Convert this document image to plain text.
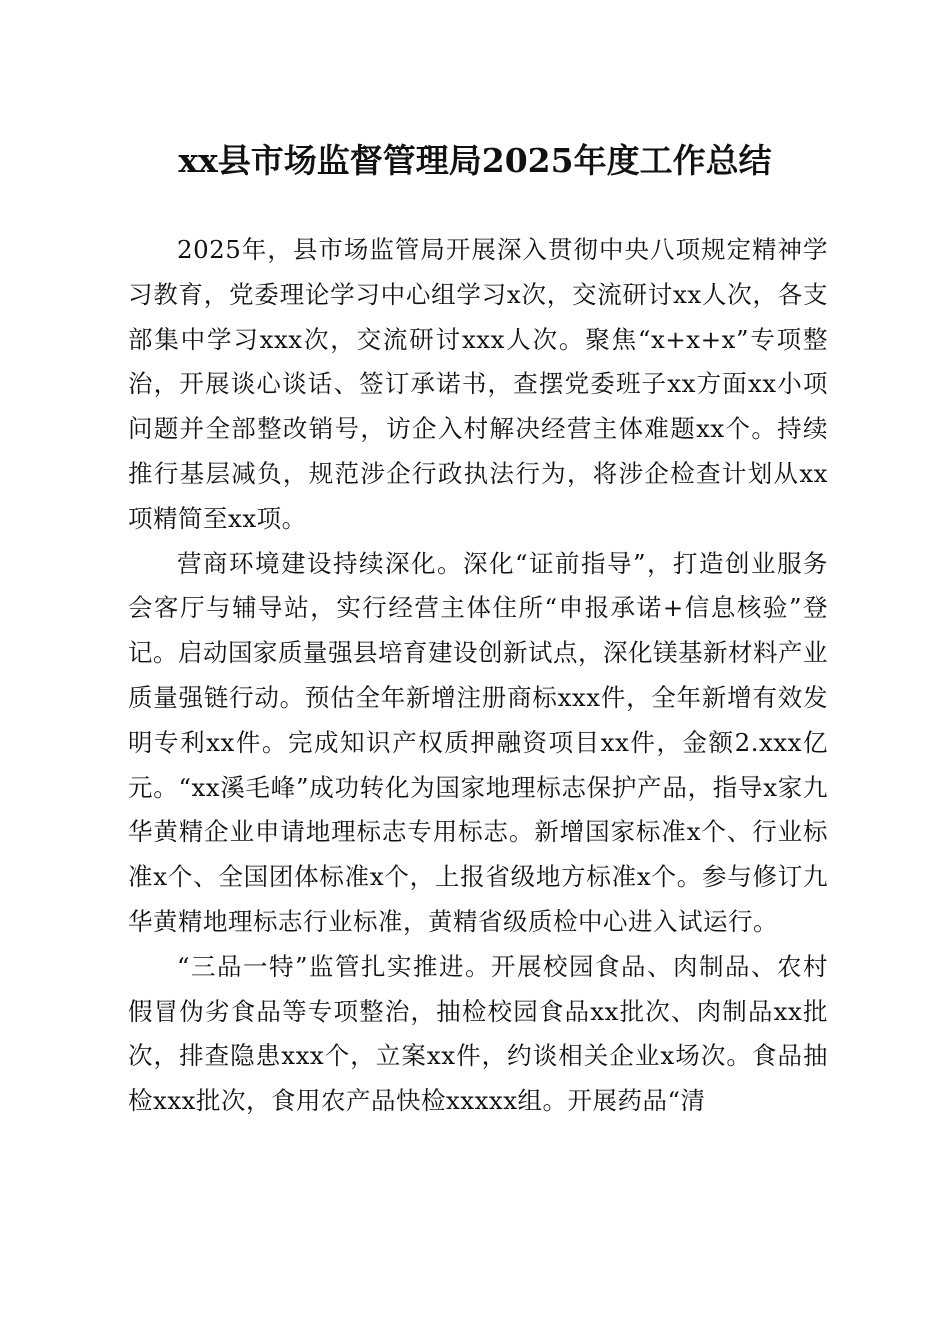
xx县市场监督管理局2025年度工作总结

2025年，县市场监管局开展深入贯彻中央八项规定精神学习教育，党委理论学习中心组学习x次，交流研讨xx人次，各支部集中学习xxx次，交流研讨xxx人次。聚焦“x+x+x”专项整治，开展谈心谈话、签订承诺书，查摆党委班子xx方面xx小项问题并全部整改销号，访企入村解决经营主体难题xx个。持续推行基层减负，规范涉企行政执法行为，将涉企检查计划从xx项精简至xx项。

营商环境建设持续深化。深化“证前指导”，打造创业服务会客厅与辅导站，实行经营主体住所“申报承诺+信息核验”登记。启动国家质量强县培育建设创新试点，深化镁基新材料产业质量强链行动。预估全年新增注册商标xxx件，全年新增有效发明专利xx件。完成知识产权质押融资项目xx件，金额2.xxx亿元。“xx溪毛峰”成功转化为国家地理标志保护产品，指导x家九华黄精企业申请地理标志专用标志。新增国家标准x个、行业标准x个、全国团体标准x个，上报省级地方标准x个。参与修订九华黄精地理标志行业标准，黄精省级质检中心进入试运行。

“三品一特”监管扎实推进。开展校园食品、肉制品、农村假冒伪劣食品等专项整治，抽检校园食品xx批次、肉制品xx批次，排查隐患xxx个，立案xx件，约谈相关企业x场次。食品抽检xxx批次，食用农产品快检xxxxx组。开展药品“清
